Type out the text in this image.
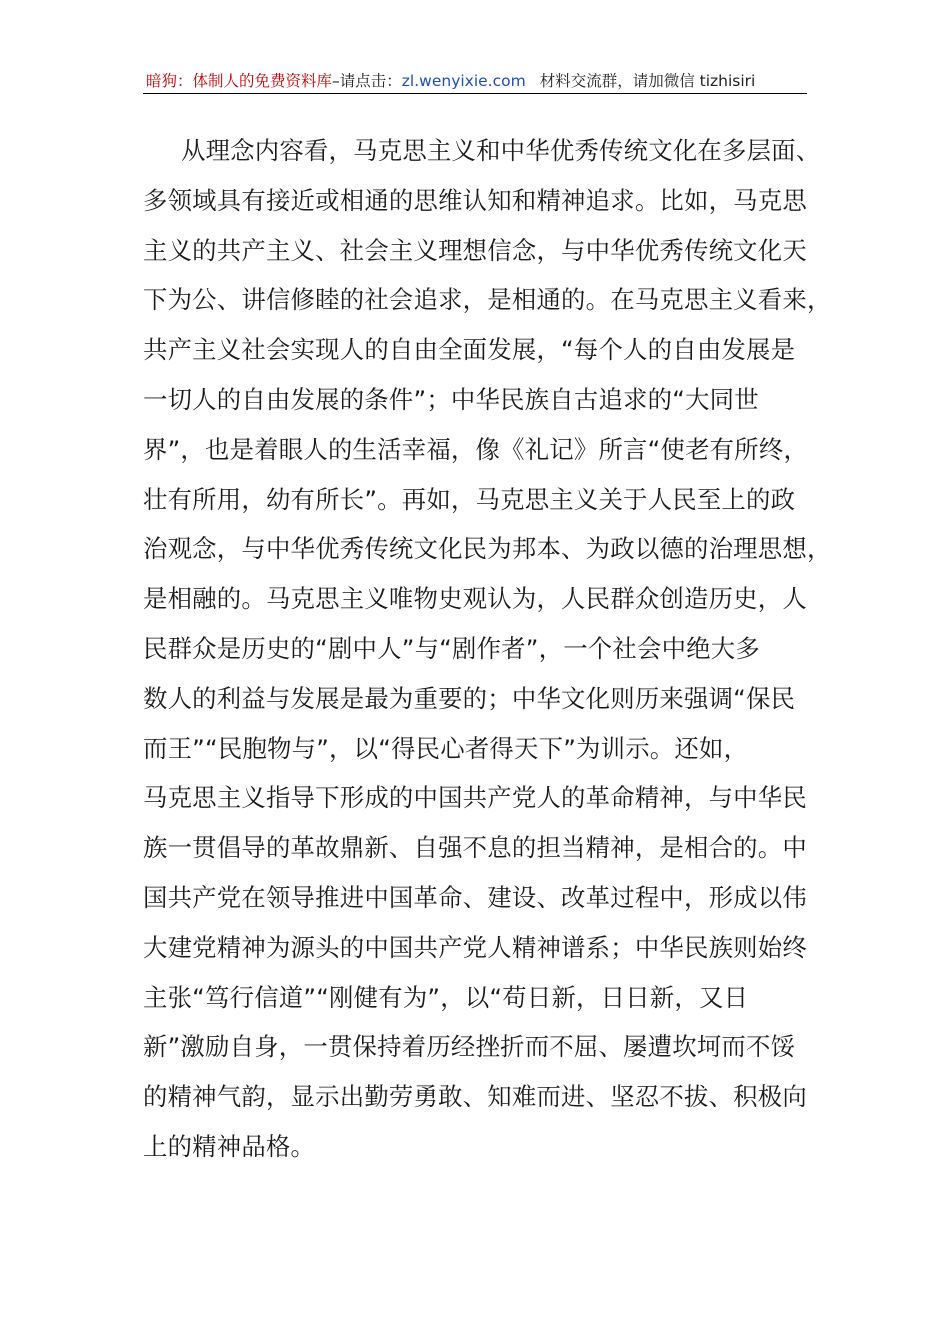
暗狗：体制人的免费资料库–请点击：zl.wenyixie.com 材料交流群，请加微信 tizhisiri
从理念内容看，马克思主义和中华优秀传统文化在多层面、
多领域具有接近或相通的思维认知和精神追求。比如，马克思
主义的共产主义、社会主义理想信念，与中华优秀传统文化天
下为公、讲信修睦的社会追求，是相通的。在马克思主义看来，
共产主义社会实现人的自由全面发展，“每个人的自由发展是
一切人的自由发展的条件”；中华民族自古追求的“大同世
界”，也是着眼人的生活幸福，像《礼记》所言“使老有所终，
壮有所用，幼有所长”。再如，马克思主义关于人民至上的政
治观念，与中华优秀传统文化民为邦本、为政以德的治理思想，
是相融的。马克思主义唯物史观认为，人民群众创造历史，人
民群众是历史的“剧中人”与“剧作者”，一个社会中绝大多
数人的利益与发展是最为重要的；中华文化则历来强调“保民
而王”“民胞物与”，以“得民心者得天下”为训示。还如，
马克思主义指导下形成的中国共产党人的革命精神，与中华民
族一贯倡导的革故鼎新、自强不息的担当精神，是相合的。中
国共产党在领导推进中国革命、建设、改革过程中，形成以伟
大建党精神为源头的中国共产党人精神谱系；中华民族则始终
主张“笃行信道”“刚健有为”，以“苟日新，日日新，又日
新”激励自身，一贯保持着历经挫折而不屈、屡遭坎坷而不馁
的精神气韵，显示出勤劳勇敢、知难而进、坚忍不拔、积极向
上的精神品格。
